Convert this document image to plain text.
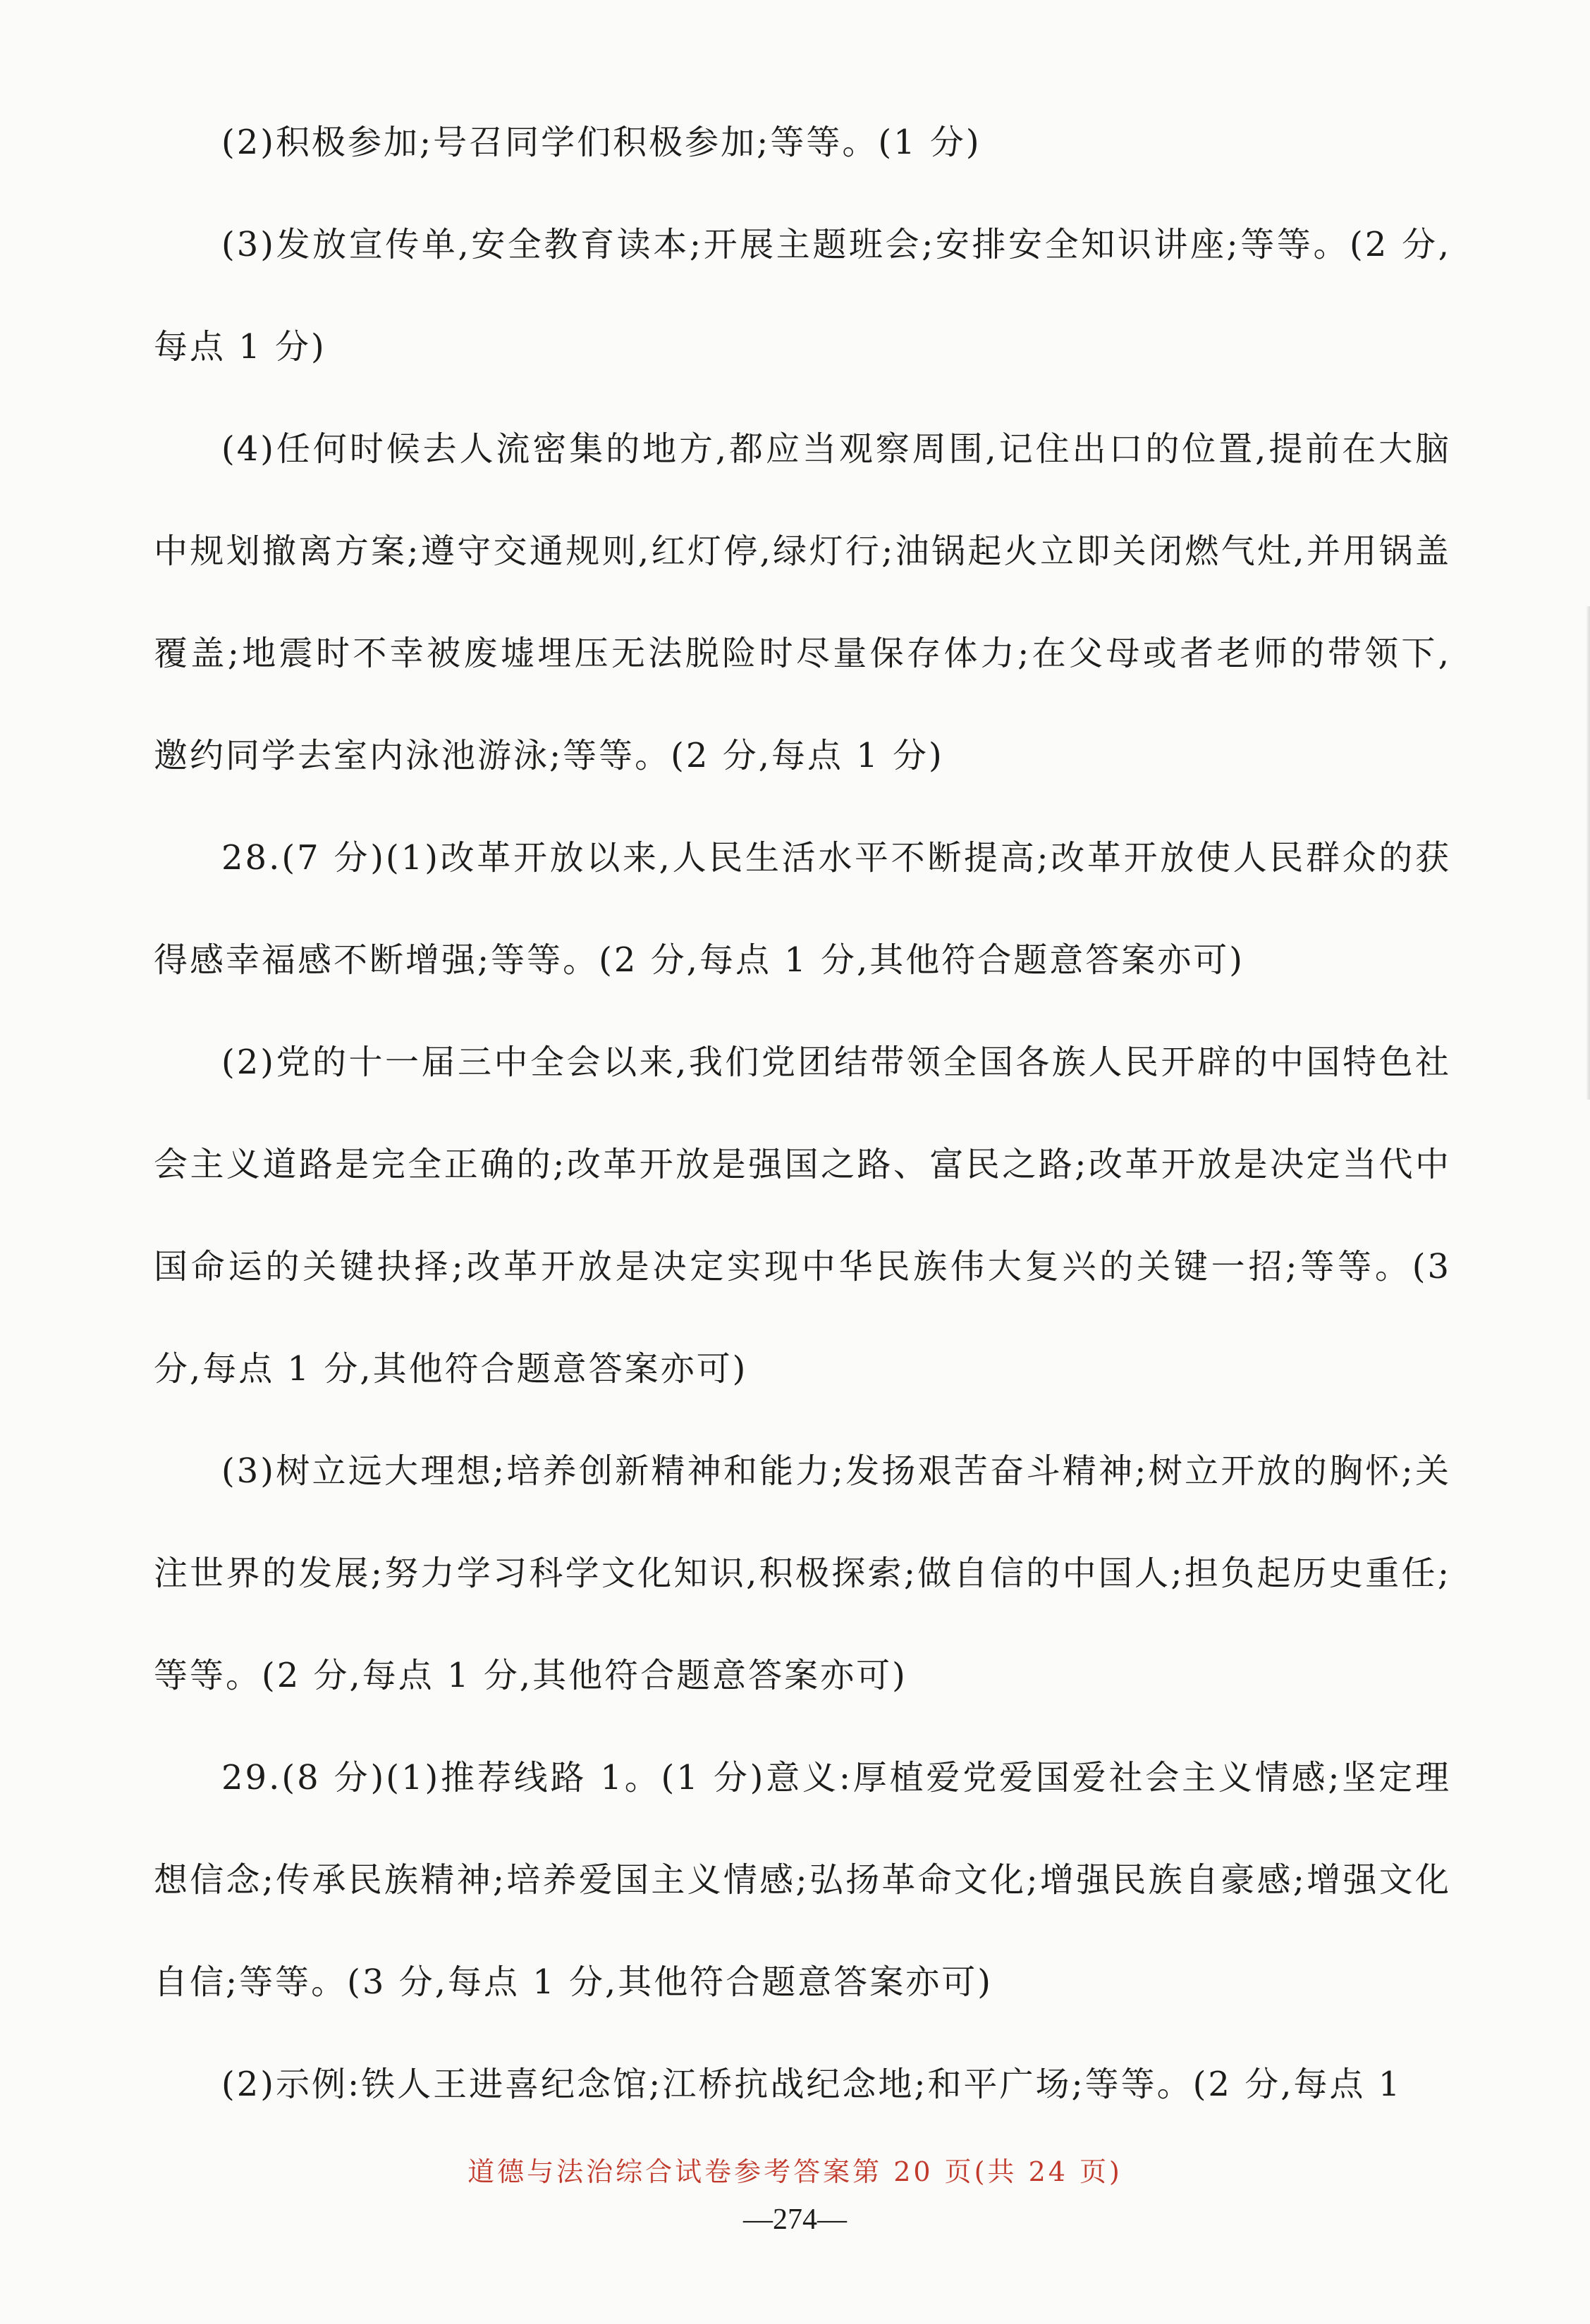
(2)积极参加;号召同学们积极参加;等等。(1 分)

(3)发放宣传单,安全教育读本;开展主题班会;安排安全知识讲座;等等。(2 分,每点 1 分)

(4)任何时候去人流密集的地方,都应当观察周围,记住出口的位置,提前在大脑中规划撤离方案;遵守交通规则,红灯停,绿灯行;油锅起火立即关闭燃气灶,并用锅盖覆盖;地震时不幸被废墟埋压无法脱险时尽量保存体力;在父母或者老师的带领下,邀约同学去室内泳池游泳;等等。(2 分,每点 1 分)

28.(7 分)(1)改革开放以来,人民生活水平不断提高;改革开放使人民群众的获得感幸福感不断增强;等等。(2 分,每点 1 分,其他符合题意答案亦可)

(2)党的十一届三中全会以来,我们党团结带领全国各族人民开辟的中国特色社会主义道路是完全正确的;改革开放是强国之路、富民之路;改革开放是决定当代中国命运的关键抉择;改革开放是决定实现中华民族伟大复兴的关键一招;等等。(3 分,每点 1 分,其他符合题意答案亦可)

(3)树立远大理想;培养创新精神和能力;发扬艰苦奋斗精神;树立开放的胸怀;关注世界的发展;努力学习科学文化知识,积极探索;做自信的中国人;担负起历史重任;等等。(2 分,每点 1 分,其他符合题意答案亦可)

29.(8 分)(1)推荐线路 1。(1 分)意义:厚植爱党爱国爱社会主义情感;坚定理想信念;传承民族精神;培养爱国主义情感;弘扬革命文化;增强民族自豪感;增强文化自信;等等。(3 分,每点 1 分,其他符合题意答案亦可)

(2)示例:铁人王进喜纪念馆;江桥抗战纪念地;和平广场;等等。(2 分,每点 1

道德与法治综合试卷参考答案第 20 页(共 24 页)
—274—
